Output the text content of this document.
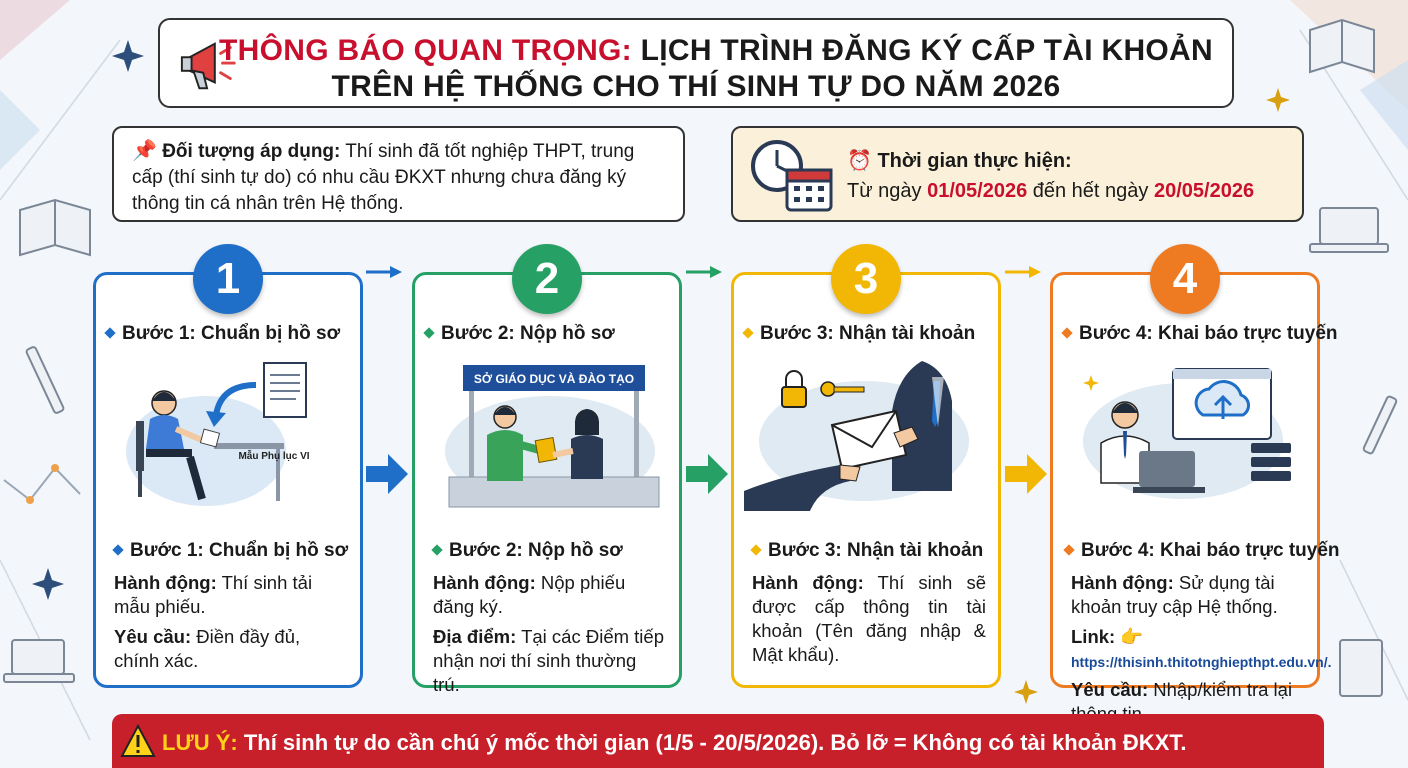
THÔNG BÁO QUAN TRỌNG: LỊCH TRÌNH ĐĂNG KÝ CẤP TÀI KHOẢN
TRÊN HỆ THỐNG CHO THÍ SINH TỰ DO NĂM 2026
📌 Đối tượng áp dụng: Thí sinh đã tốt nghiệp THPT, trung cấp (thí sinh tự do) có nhu cầu ĐKXT nhưng chưa đăng ký thông tin cá nhân trên Hệ thống.
⏰ Thời gian thực hiện:
Từ ngày 01/05/2026 đến hết ngày 20/05/2026
1
Bước 1: Chuẩn bị hồ sơ
Mẫu Phụ lục VI
Bước 1: Chuẩn bị hồ sơ

Hành động: Thí sinh tải mẫu phiếu.

Yêu cầu: Điền đầy đủ, chính xác.

2
Bước 2: Nộp hồ sơ
SỞ GIÁO DỤC VÀ ĐÀO TẠO
Bước 2: Nộp hồ sơ

Hành động: Nộp phiếu đăng ký.

Địa điểm: Tại các Điểm tiếp nhận nơi thí sinh thường trú.

3
Bước 3: Nhận tài khoản
Bước 3: Nhận tài khoản

Hành động: Thí sinh sẽ được cấp thông tin tài khoản (Tên đăng nhập & Mật khẩu).

4
Bước 4: Khai báo trực tuyến
Bước 4: Khai báo trực tuyến

Hành động: Sử dụng tài khoản truy cập Hệ thống.

Link: 👉

https://thisinh.thitotnghiepthpt.edu.vn/.

Yêu cầu: Nhập/kiểm tra lại

LƯU Ý: Thí sinh tự do cần chú ý mốc thời gian (1/5 - 20/5/2026). Bỏ lỡ = Không có tài khoản ĐKXT.
